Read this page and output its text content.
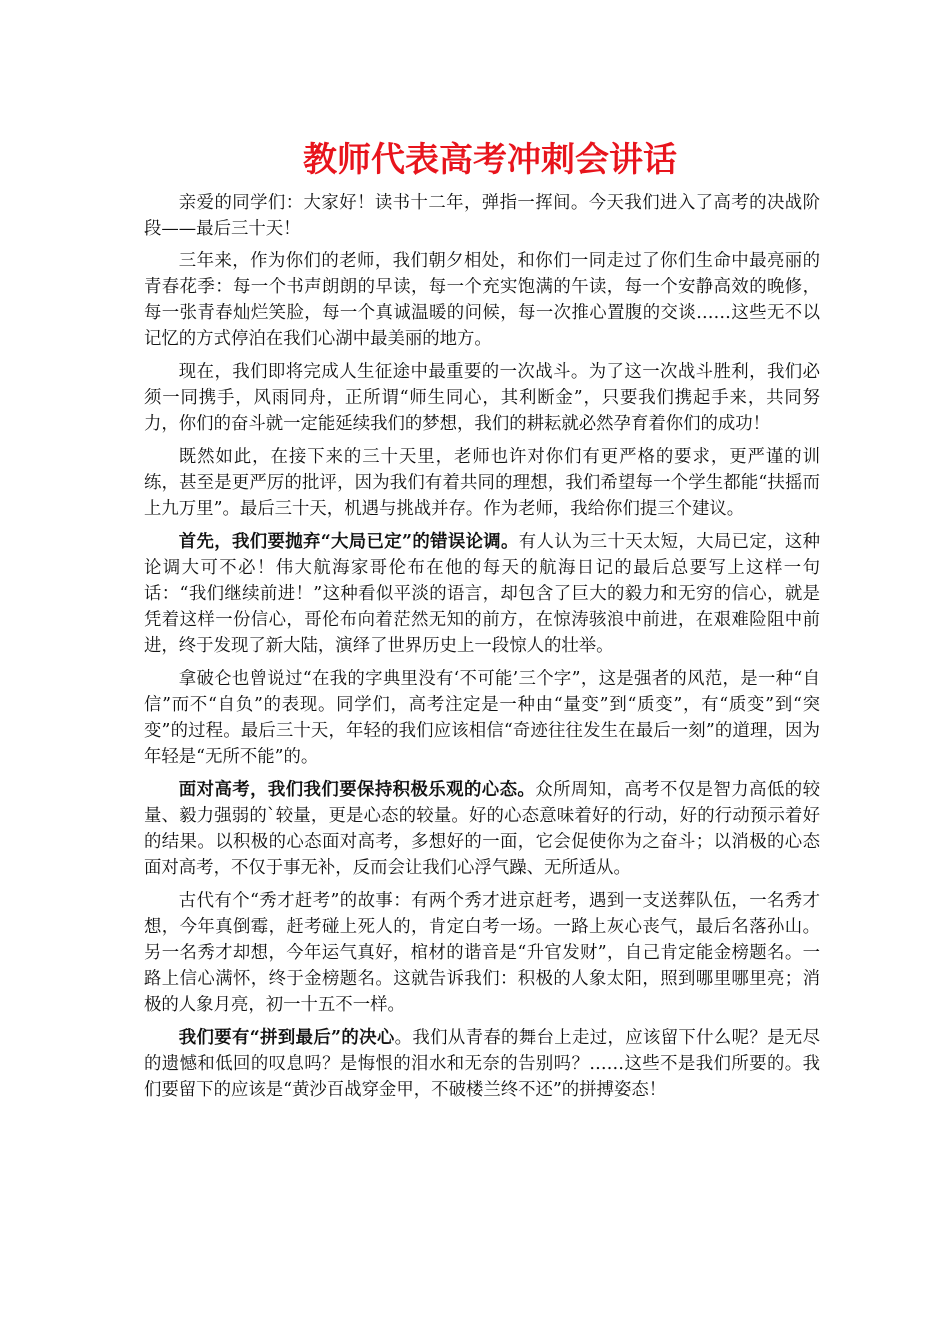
教师代表高考冲刺会讲话

亲爱的同学们：大家好！读书十二年，弹指一挥间。今天我们进入了高考的决战阶段——最后三十天！

三年来，作为你们的老师，我们朝夕相处，和你们一同走过了你们生命中最亮丽的青春花季：每一个书声朗朗的早读，每一个充实饱满的午读，每一个安静高效的晚修，每一张青春灿烂笑脸，每一个真诚温暖的问候，每一次推心置腹的交谈……这些无不以记忆的方式停泊在我们心湖中最美丽的地方。

现在，我们即将完成人生征途中最重要的一次战斗。为了这一次战斗胜利，我们必须一同携手，风雨同舟，正所谓“师生同心，其利断金”，只要我们携起手来，共同努力，你们的奋斗就一定能延续我们的梦想，我们的耕耘就必然孕育着你们的成功！

既然如此，在接下来的三十天里，老师也许对你们有更严格的要求，更严谨的训练，甚至是更严厉的批评，因为我们有着共同的理想，我们希望每一个学生都能“扶摇而上九万里”。最后三十天，机遇与挑战并存。作为老师，我给你们提三个建议。

首先，我们要抛弃“大局已定”的错误论调。有人认为三十天太短，大局已定，这种论调大可不必！伟大航海家哥伦布在他的每天的航海日记的最后总要写上这样一句话：“我们继续前进！”这种看似平淡的语言，却包含了巨大的毅力和无穷的信心，就是凭着这样一份信心，哥伦布向着茫然无知的前方，在惊涛骇浪中前进，在艰难险阻中前进，终于发现了新大陆，演绎了世界历史上一段惊人的壮举。

拿破仑也曾说过“在我的字典里没有‘不可能’三个字”，这是强者的风范，是一种“自信”而不“自负”的表现。同学们，高考注定是一种由“量变”到“质变”，有“质变”到“突变”的过程。最后三十天，年轻的我们应该相信“奇迹往往发生在最后一刻”的道理，因为年轻是“无所不能”的。

面对高考，我们我们要保持积极乐观的心态。众所周知，高考不仅是智力高低的较量、毅力强弱的`较量，更是心态的较量。好的心态意味着好的行动，好的行动预示着好的结果。以积极的心态面对高考，多想好的一面，它会促使你为之奋斗；以消极的心态面对高考，不仅于事无补，反而会让我们心浮气躁、无所适从。

古代有个“秀才赶考”的故事：有两个秀才进京赶考，遇到一支送葬队伍，一名秀才想，今年真倒霉，赶考碰上死人的，肯定白考一场。一路上灰心丧气，最后名落孙山。另一名秀才却想，今年运气真好，棺材的谐音是“升官发财”，自己肯定能金榜题名。一路上信心满怀，终于金榜题名。这就告诉我们：积极的人象太阳，照到哪里哪里亮；消极的人象月亮，初一十五不一样。

我们要有“拼到最后”的决心。我们从青春的舞台上走过，应该留下什么呢？是无尽的遗憾和低回的叹息吗？是悔恨的泪水和无奈的告别吗？……这些不是我们所要的。我们要留下的应该是“黄沙百战穿金甲，不破楼兰终不还”的拼搏姿态！
